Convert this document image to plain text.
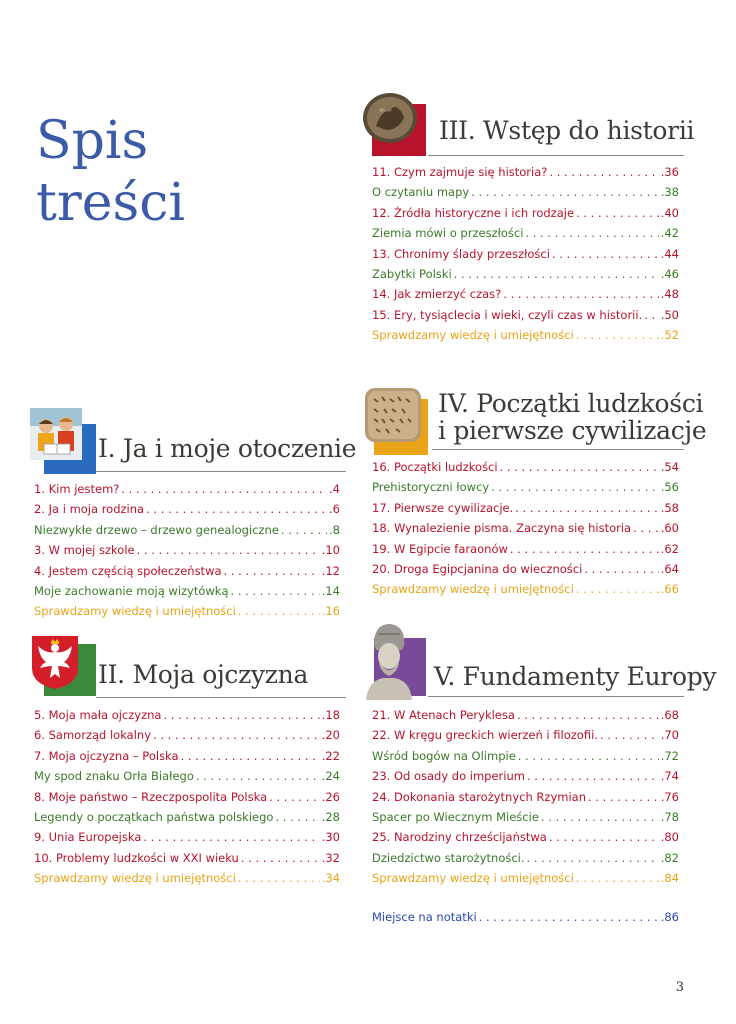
Spis
treści
III. Wstęp do historii
11. Czym zajmuje się historia? . . .	.36
O czytaniu mapy . . .	.38
12. Źródła historyczne i ich rodzaje . . .	.40
Ziemia mówi o przeszłości . . .	.42
13. Chronimy ślady przeszłości . . .	.44
Zabytki Polski . . .	.46
14. Jak zmierzyć czas? . . .	.48
15. Ery, tysiąclecia i wieki, czyli czas w historii. . . . .50
Sprawdzamy wiedzę i umiejętności . . .	.52
IV. Początki ludzkości
i pierwsze cywilizacje
16. Początki ludzkości . . .	.54
Prehistoryczni łowcy . . .	.56
17. Pierwsze cywilizacje. . . .	.58
18. Wynalezienie pisma. Zaczyna się historia . . .	.60
19. W Egipcie faraonów . . .	.62
20. Droga Egipcjanina do wieczności . . .	.64
Sprawdzamy wiedzę i umiejętności . . .	.66
I. Ja i moje otoczenie
1. Kim jestem? . . .	.4
2. Ja i moja rodzina . . .	.6
Niezwykłe drzewo – drzewo genealogiczne . . .	.8
3. W mojej szkole . . .	.10
4. Jestem częścią społeczeństwa . . .	.12
Moje zachowanie moją wizytówką . . .	.14
Sprawdzamy wiedzę i umiejętności . . .	.16
II. Moja ojczyzna
5. Moja mała ojczyzna . . .	.18
6. Samorząd lokalny . . .	.20
7. Moja ojczyzna – Polska . . .	.22
My spod znaku Orła Białego . . .	.24
8. Moje państwo – Rzeczpospolita Polska . . .	.26
Legendy o początkach państwa polskiego . . .	.28
9. Unia Europejska . . .	.30
10. Problemy ludzkości w XXI wieku . . .	.32
Sprawdzamy wiedzę i umiejętności . . .	.34
V. Fundamenty Europy
21. W Atenach Peryklesa . . .	.68
22. W kręgu greckich wierzeń i filozofii. . . .	.70
Wśród bogów na Olimpie . . .	.72
23. Od osady do imperium . . .	.74
24. Dokonania starożytnych Rzymian . . .	.76
Spacer po Wiecznym Mieście . . .	.78
25. Narodziny chrześcijaństwa . . .	.80
Dziedzictwo starożytności. . . .	.82
Sprawdzamy wiedzę i umiejętności . . .	.84
Miejsce na notatki . . .	.86
3
